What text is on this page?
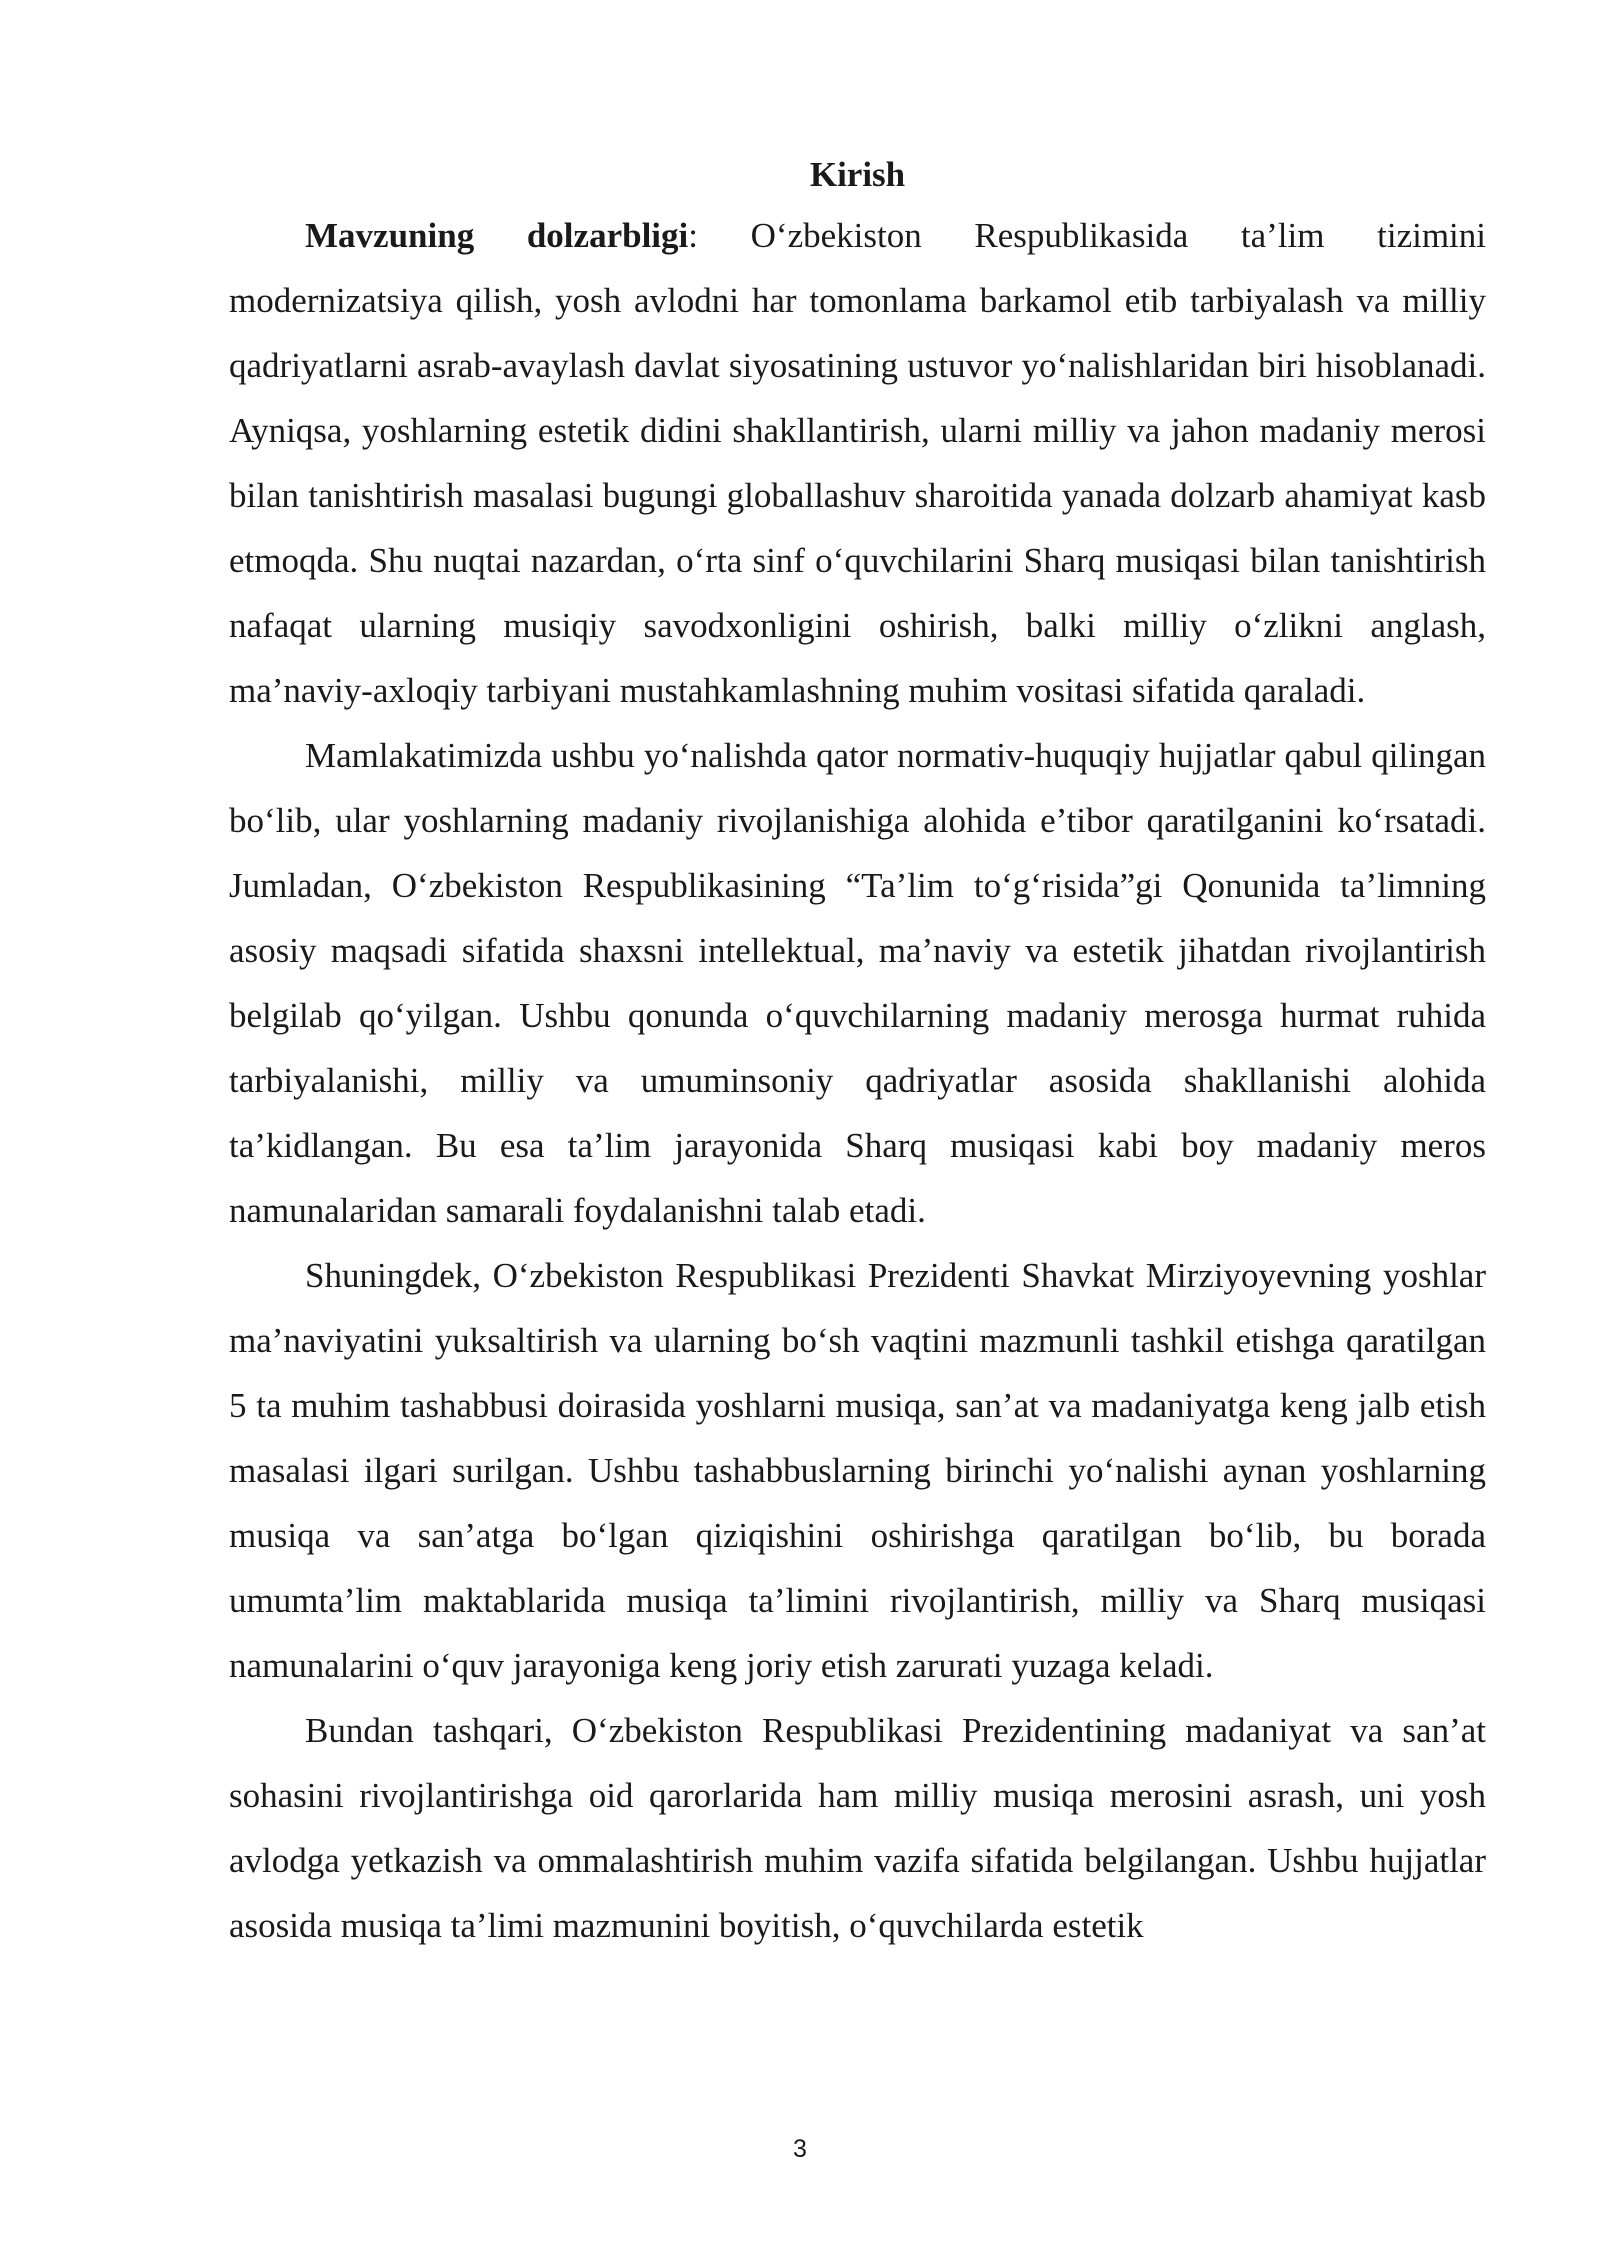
Kirish

Mavzuning dolzarbligi: O‘zbekiston Respublikasida ta’lim tizimini modernizatsiya qilish, yosh avlodni har tomonlama barkamol etib tarbiyalash va milliy qadriyatlarni asrab-avaylash davlat siyosatining ustuvor yo‘nalishlaridan biri hisoblanadi. Ayniqsa, yoshlarning estetik didini shakllantirish, ularni milliy va jahon madaniy merosi bilan tanishtirish masalasi bugungi globallashuv sharoitida yanada dolzarb ahamiyat kasb etmoqda. Shu nuqtai nazardan, o‘rta sinf o‘quvchilarini Sharq musiqasi bilan tanishtirish nafaqat ularning musiqiy savodxonligini oshirish, balki milliy o‘zlikni anglash, ma’naviy-axloqiy tarbiyani mustahkamlashning muhim vositasi sifatida qaraladi.

Mamlakatimizda ushbu yo‘nalishda qator normativ-huquqiy hujjatlar qabul qilingan bo‘lib, ular yoshlarning madaniy rivojlanishiga alohida e’tibor qaratilganini ko‘rsatadi. Jumladan, O‘zbekiston Respublikasining “Ta’lim to‘g‘risida”gi Qonunida ta’limning asosiy maqsadi sifatida shaxsni intellektual, ma’naviy va estetik jihatdan rivojlantirish belgilab qo‘yilgan. Ushbu qonunda o‘quvchilarning madaniy merosga hurmat ruhida tarbiyalanishi, milliy va umuminsoniy qadriyatlar asosida shakllanishi alohida ta’kidlangan. Bu esa ta’lim jarayonida Sharq musiqasi kabi boy madaniy meros namunalaridan samarali foydalanishni talab etadi.

Shuningdek, O‘zbekiston Respublikasi Prezidenti Shavkat Mirziyoyevning yoshlar ma’naviyatini yuksaltirish va ularning bo‘sh vaqtini mazmunli tashkil etishga qaratilgan 5 ta muhim tashabbusi doirasida yoshlarni musiqa, san’at va madaniyatga keng jalb etish masalasi ilgari surilgan. Ushbu tashabbuslarning birinchi yo‘nalishi aynan yoshlarning musiqa va san’atga bo‘lgan qiziqishini oshirishga qaratilgan bo‘lib, bu borada umumta’lim maktablarida musiqa ta’limini rivojlantirish, milliy va Sharq musiqasi namunalarini o‘quv jarayoniga keng joriy etish zarurati yuzaga keladi.

Bundan tashqari, O‘zbekiston Respublikasi Prezidentining madaniyat va san’at sohasini rivojlantirishga oid qarorlarida ham milliy musiqa merosini asrash, uni yosh avlodga yetkazish va ommalashtirish muhim vazifa sifatida belgilangan. Ushbu hujjatlar asosida musiqa ta’limi mazmunini boyitish, o‘quvchilarda estetik

3
